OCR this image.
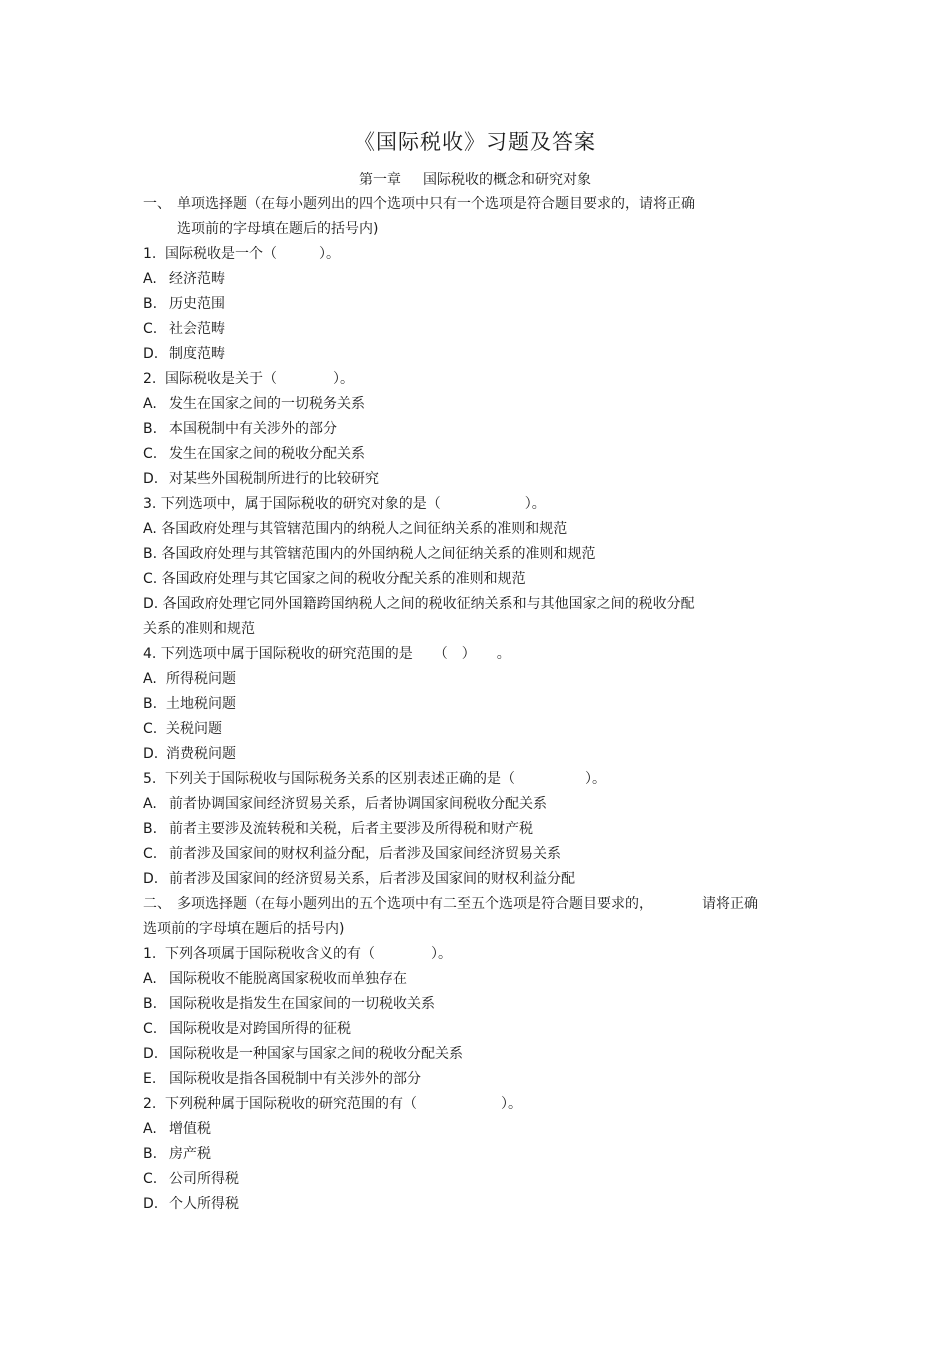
《国际税收》习题及答案
第一章 国际税收的概念和研究对象
一、 单项选择题（在每小题列出的四个选项中只有一个选项是符合题目要求的，请将正确
选项前的字母填在题后的括号内)
1. 国际税收是一个（　　　）。
A. 经济范畴
B. 历史范围
C. 社会范畴
D. 制度范畴
2. 国际税收是关于（　　　　）。
A. 发生在国家之间的一切税务关系
B. 本国税制中有关涉外的部分
C. 发生在国家之间的税收分配关系
D. 对某些外国税制所进行的比较研究
3. 下列选项中，属于国际税收的研究对象的是（　　　　　　）。
A. 各国政府处理与其管辖范围内的纳税人之间征纳关系的准则和规范
B. 各国政府处理与其管辖范围内的外国纳税人之间征纳关系的准则和规范
C. 各国政府处理与其它国家之间的税收分配关系的准则和规范
D. 各国政府处理它同外国籍跨国纳税人之间的税收征纳关系和与其他国家之间的税收分配
关系的准则和规范
4. 下列选项中属于国际税收的研究范围的是　　（　）　　。
A. 所得税问题
B. 土地税问题
C. 关税问题
D. 消费税问题
5. 下列关于国际税收与国际税务关系的区别表述正确的是（　　　　　）。
A. 前者协调国家间经济贸易关系，后者协调国家间税收分配关系
B. 前者主要涉及流转税和关税，后者主要涉及所得税和财产税
C. 前者涉及国家间的财权利益分配，后者涉及国家间经济贸易关系
D. 前者涉及国家间的经济贸易关系，后者涉及国家间的财权利益分配
二、 多项选择题（在每小题列出的五个选项中有二至五个选项是符合题目要求的，　　　　请将正确
选项前的字母填在题后的括号内)
1. 下列各项属于国际税收含义的有（　　　　）。
A. 国际税收不能脱离国家税收而单独存在
B. 国际税收是指发生在国家间的一切税收关系
C. 国际税收是对跨国所得的征税
D. 国际税收是一种国家与国家之间的税收分配关系
E. 国际税收是指各国税制中有关涉外的部分
2. 下列税种属于国际税收的研究范围的有（　　　　　　）。
A. 增值税
B. 房产税
C. 公司所得税
D. 个人所得税
